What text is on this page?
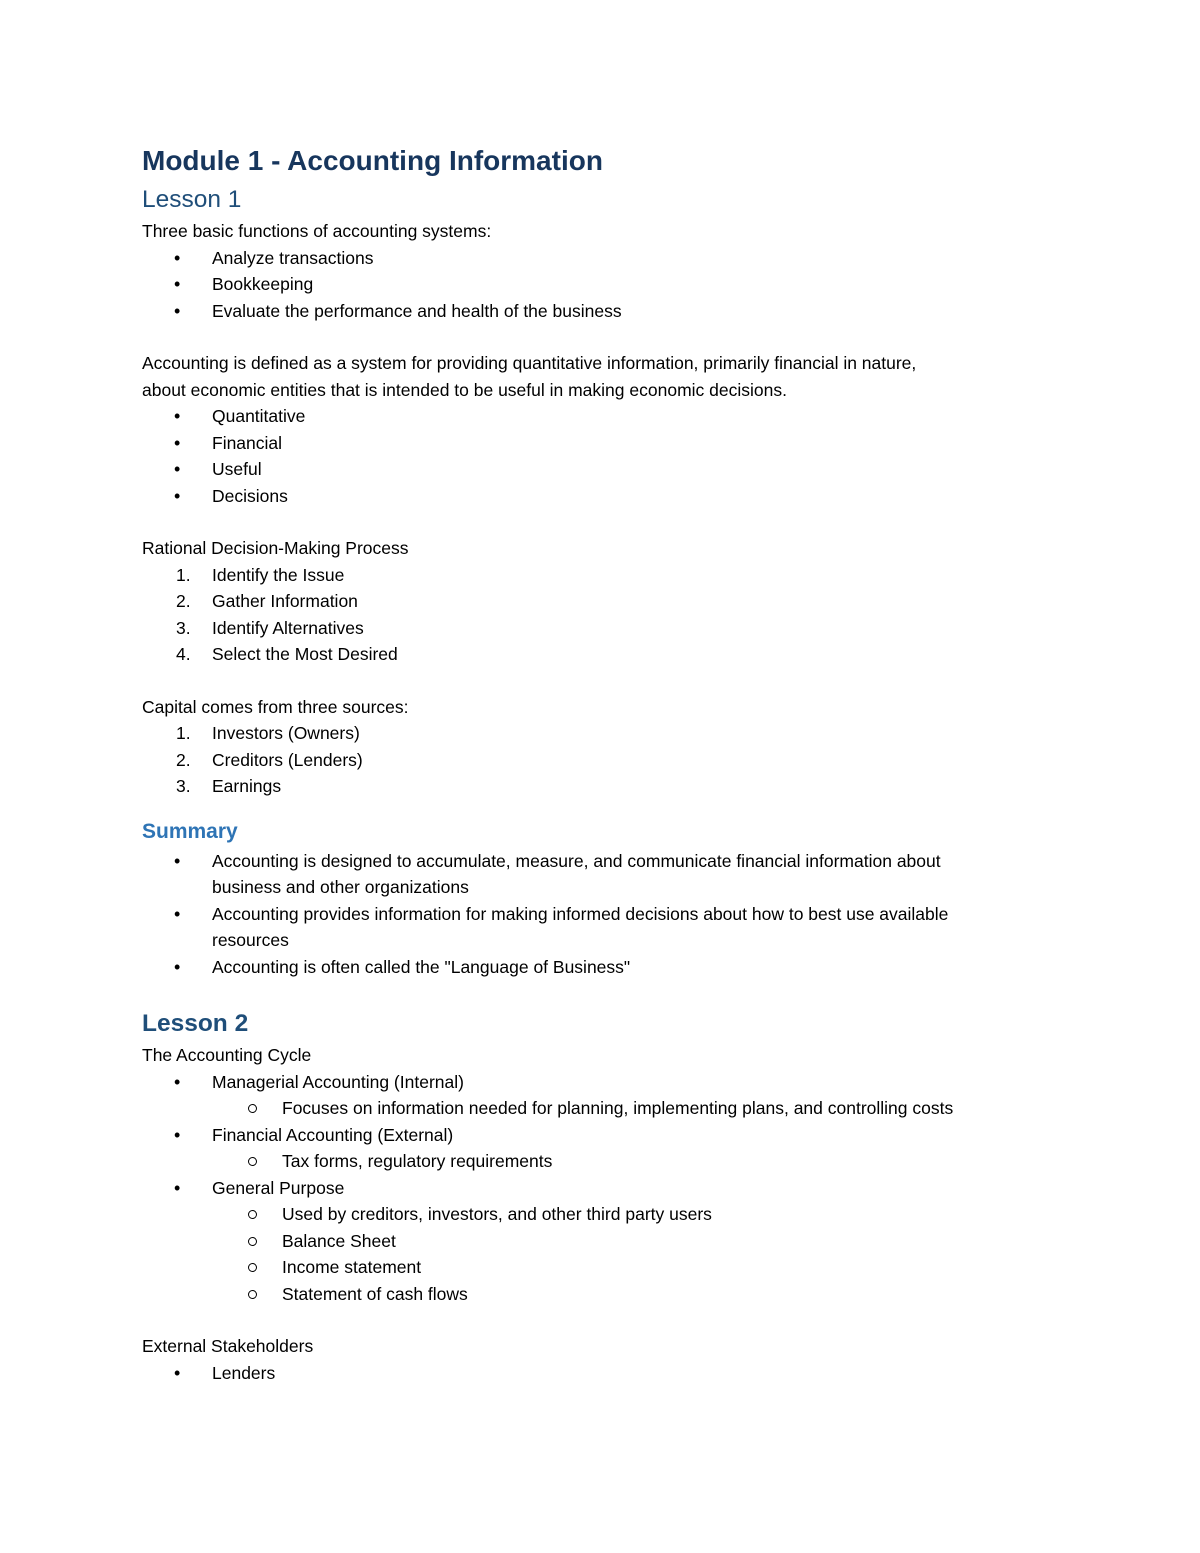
Module 1 - Accounting Information
Lesson 1
Three basic functions of accounting systems:
• Analyze transactions
• Bookkeeping
• Evaluate the performance and health of the business
Accounting is defined as a system for providing quantitative information, primarily financial in nature,
about economic entities that is intended to be useful in making economic decisions.
• Quantitative
• Financial
• Useful
• Decisions
Rational Decision-Making Process
1. Identify the Issue
2. Gather Information
3. Identify Alternatives
4. Select the Most Desired
Capital comes from three sources:
1. Investors (Owners)
2. Creditors (Lenders)
3. Earnings
Summary
• Accounting is designed to accumulate, measure, and communicate financial information about
business and other organizations
• Accounting provides information for making informed decisions about how to best use available
resources
• Accounting is often called the "Language of Business"
Lesson 2
The Accounting Cycle
• Managerial Accounting (Internal)
Focuses on information needed for planning, implementing plans, and controlling costs
• Financial Accounting (External)
Tax forms, regulatory requirements
• General Purpose
Used by creditors, investors, and other third party users
Balance Sheet
Income statement
Statement of cash flows
External Stakeholders
• Lenders
